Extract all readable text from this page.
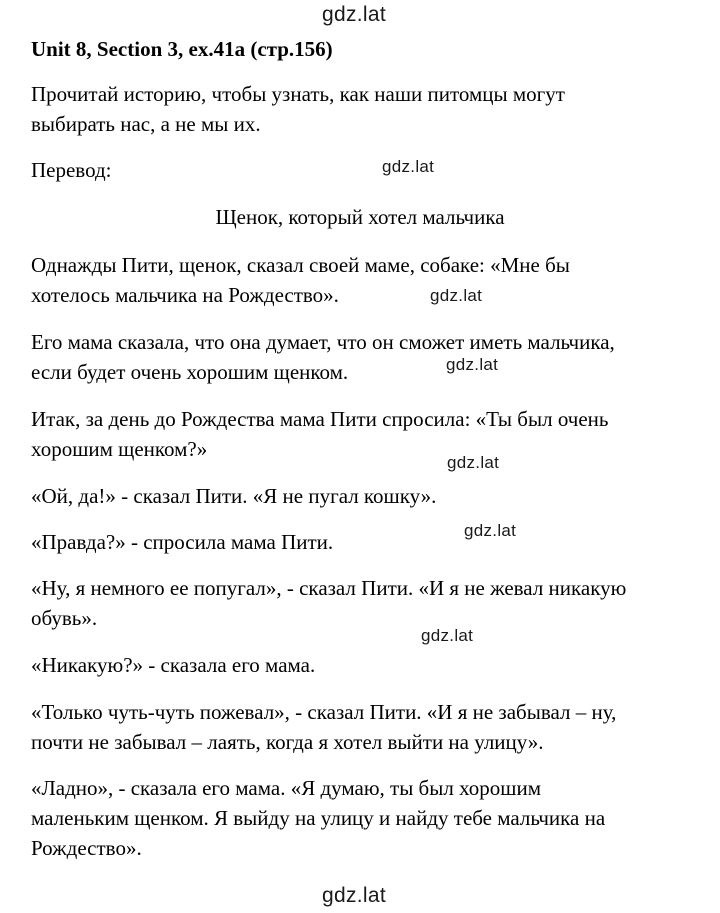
gdz.lat
gdz.lat
gdz.lat
gdz.lat
gdz.lat
gdz.lat
gdz.lat
gdz.lat
Unit 8, Section 3, ex.41a (стр.156)
Прочитай историю, чтобы узнать, как наши питомцы могут
выбирать нас, а не мы их.
Перевод:
Щенок, который хотел мальчика
Однажды Пити, щенок, сказал своей маме, собаке: «Мне бы
хотелось мальчика на Рождество».
Его мама сказала, что она думает, что он сможет иметь мальчика,
если будет очень хорошим щенком.
Итак, за день до Рождества мама Пити спросила: «Ты был очень
хорошим щенком?»
«Ой, да!» - сказал Пити. «Я не пугал кошку».
«Правда?» - спросила мама Пити.
«Ну, я немного ее попугал», - сказал Пити. «И я не жевал никакую
обувь».
«Никакую?» - сказала его мама.
«Только чуть-чуть пожевал», - сказал Пити. «И я не забывал – ну,
почти не забывал – лаять, когда я хотел выйти на улицу».
«Ладно», - сказала его мама. «Я думаю, ты был хорошим
маленьким щенком. Я выйду на улицу и найду тебе мальчика на
Рождество».
